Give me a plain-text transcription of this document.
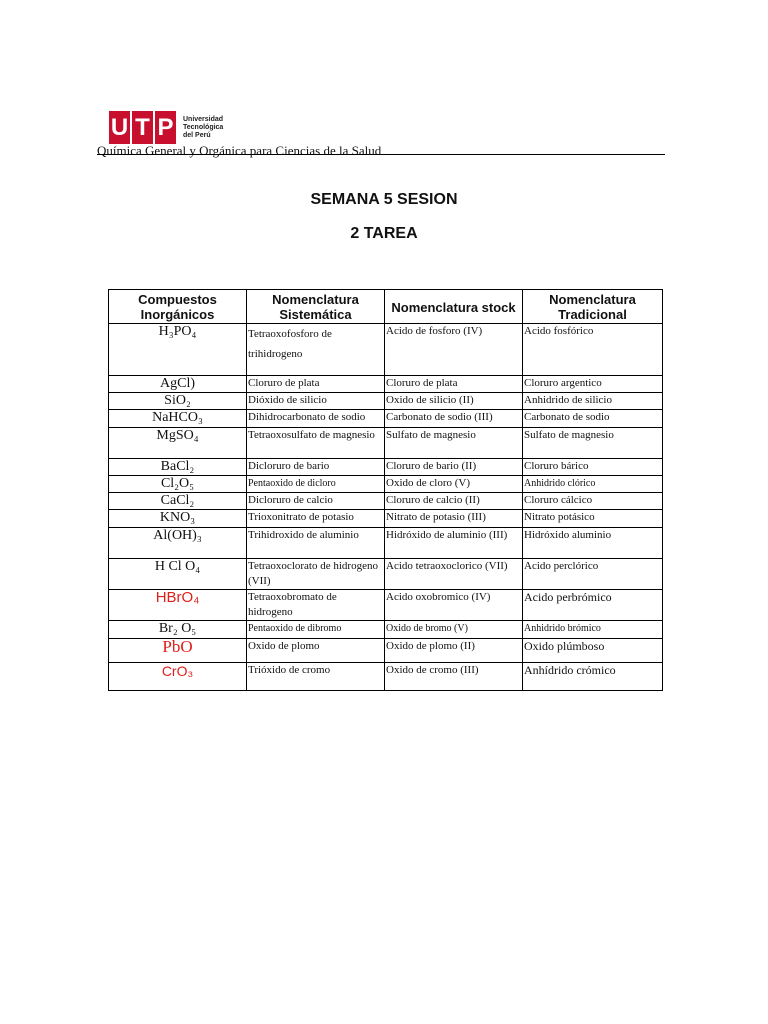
U T P	Universidad
Tecnológica
del Perú
Química General y Orgánica para Ciencias de la Salud
SEMANA 5 SESION
2 TAREA
Compuestos Inorgánicos	Nomenclatura Sistemática	Nomenclatura stock	Nomenclatura Tradicional
H₃PO₄	Tetraoxofosforo de trihidrogeno	Acido de fosforo (IV)	Acido fosfórico
AgCl)	Cloruro de plata	Cloruro de plata	Cloruro argentico
SiO₂	Dióxido de silicio	Oxido de silicio (II)	Anhidrido de silicio
NaHCO₃	Dihidrocarbonato de sodio	Carbonato de sodio (III)	Carbonato de sodio
MgSO₄	Tetraoxosulfato de magnesio	Sulfato de magnesio	Sulfato de magnesio
BaCl₂	Dicloruro de bario	Cloruro de bario (II)	Cloruro bárico
Cl₂O₅	Pentaoxido de dicloro	Oxido de cloro (V)	Anhidrido clórico
CaCl₂	Dicloruro de calcio	Cloruro de calcio (II)	Cloruro cálcico
KNO₃	Trioxonitrato de potasio	Nitrato de potasio (III)	Nitrato potásico
Al(OH)₃	Trihidroxido de aluminio	Hidróxido de aluminio (III)	Hidróxido aluminio
H Cl O₄	Tetraoxoclorato de hidrogeno (VII)	Acido tetraoxoclorico (VII)	Acido perclórico
HBrO₄	Tetraoxobromato de hidrogeno	Acido oxobromico (IV)	Acido perbrómico
Br₂ O₅	Pentaoxido de dibromo	Oxido de bromo (V)	Anhidrido brómico
PbO	Oxido de plomo	Oxido de plomo (II)	Oxido plúmboso
CrO₃	Trióxido de cromo	Oxido de cromo (III)	Anhídrido crómico
